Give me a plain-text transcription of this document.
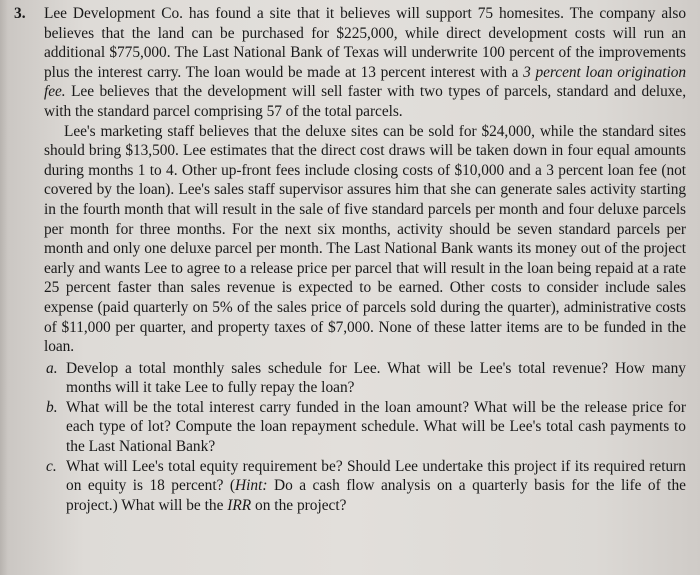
3. Lee Development Co. has found a site that it believes will support 75 homesites. The company also believes that the land can be purchased for $225,000, while direct development costs will run an additional $775,000. The Last National Bank of Texas will underwrite 100 percent of the improvements plus the interest carry. The loan would be made at 13 percent interest with a 3 percent loan origination fee. Lee believes that the development will sell faster with two types of parcels, standard and deluxe, with the standard parcel comprising 57 of the total parcels.

Lee's marketing staff believes that the deluxe sites can be sold for $24,000, while the standard sites should bring $13,500. Lee estimates that the direct cost draws will be taken down in four equal amounts during months 1 to 4. Other up-front fees include closing costs of $10,000 and a 3 percent loan fee (not covered by the loan). Lee's sales staff supervisor assures him that she can generate sales activity starting in the fourth month that will result in the sale of five standard parcels per month and four deluxe parcels per month for three months. For the next six months, activity should be seven standard parcels per month and only one deluxe parcel per month. The Last National Bank wants its money out of the project early and wants Lee to agree to a release price per parcel that will result in the loan being repaid at a rate 25 percent faster than sales revenue is expected to be earned. Other costs to consider include sales expense (paid quarterly on 5% of the sales price of parcels sold during the quarter), administrative costs of $11,000 per quarter, and property taxes of $7,000. None of these latter items are to be funded in the loan.

a. Develop a total monthly sales schedule for Lee. What will be Lee's total revenue? How many months will it take Lee to fully repay the loan?
b. What will be the total interest carry funded in the loan amount? What will be the release price for each type of lot? Compute the loan repayment schedule. What will be Lee's total cash payments to the Last National Bank?
c. What will Lee's total equity requirement be? Should Lee undertake this project if its required return on equity is 18 percent? (Hint: Do a cash flow analysis on a quarterly basis for the life of the project.) What will be the IRR on the project?
